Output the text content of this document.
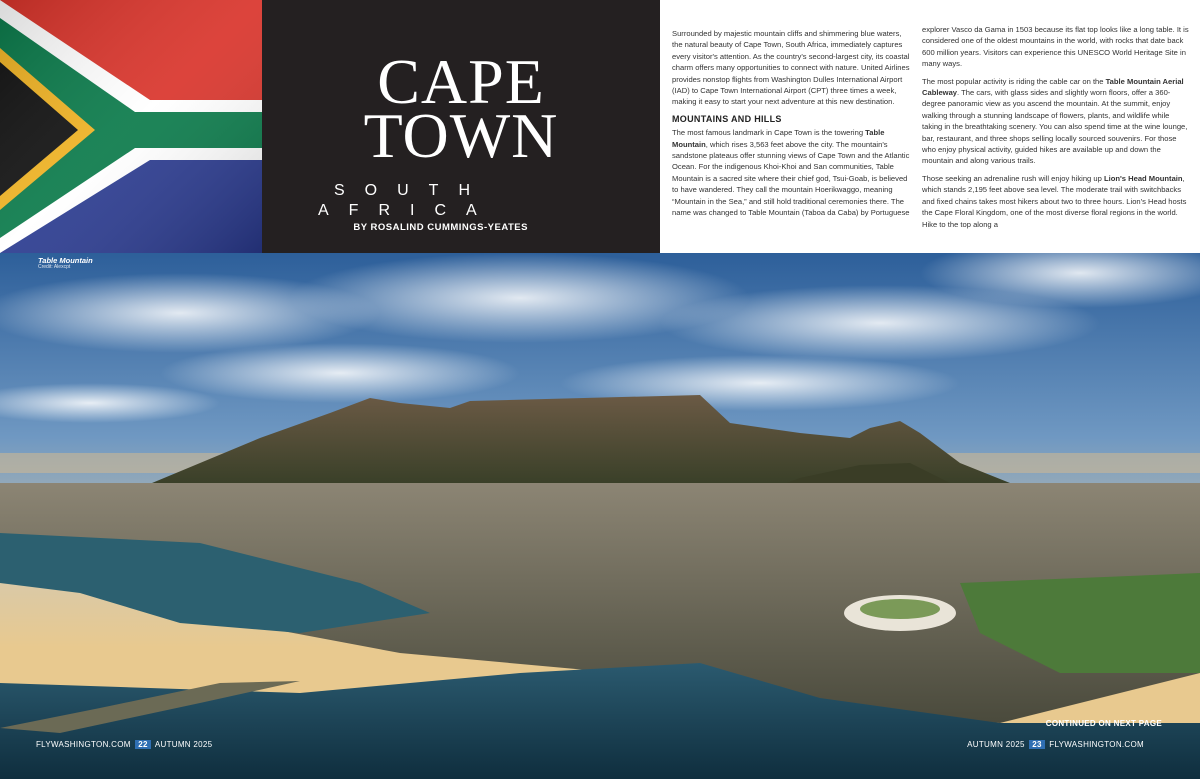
CAPE
TOWN
SOUTH
AFRICA
BY ROSALIND CUMMINGS-YEATES

Surrounded by majestic mountain cliffs and shimmering blue waters, the natural beauty of Cape Town, South Africa, immediately captures every visitor's attention. As the country's second-largest city, its coastal charm offers many opportunities to connect with nature. United Airlines provides nonstop flights from Washington Dulles International Airport (IAD) to Cape Town International Airport (CPT) three times a week, making it easy to start your next adventure at this new destination.

MOUNTAINS AND HILLS

The most famous landmark in Cape Town is the towering Table Mountain, which rises 3,563 feet above the city. The mountain's sandstone plateaus offer stunning views of Cape Town and the Atlantic Ocean. For the indigenous Khoi-Khoi and San communities, Table Mountain is a sacred site where their chief god, Tsui-Goab, is believed to have wandered. They call the mountain Hoerikwaggo, meaning “Mountain in the Sea,” and still hold traditional ceremonies there. The name was changed to Table Mountain (Taboa da Caba) by Portuguese

explorer Vasco da Gama in 1503 because its flat top looks like a long table. It is considered one of the oldest mountains in the world, with rocks that date back 600 million years. Visitors can experience this UNESCO World Heritage Site in many ways.

The most popular activity is riding the cable car on the Table Mountain Aerial Cableway. The cars, with glass sides and slightly worn floors, offer a 360-degree panoramic view as you ascend the mountain. At the summit, enjoy walking through a stunning landscape of flowers, plants, and wildlife while taking in the breathtaking scenery. You can also spend time at the wine lounge, bar, restaurant, and three shops selling locally sourced souvenirs. For those who enjoy physical activity, guided hikes are available up and down the mountain and along various trails.

Those seeking an adrenaline rush will enjoy hiking up Lion's Head Mountain, which stands 2,195 feet above sea level. The moderate trail with switchbacks and fixed chains takes most hikers about two to three hours. Lion's Head hosts the Cape Floral Kingdom, one of the most diverse floral regions in the world. Hike to the top along a

Table Mountain
Credit: Alexcpt
CONTINUED ON NEXT PAGE
FLYWASHINGTON.COM 22 AUTUMN 2025	AUTUMN 2025 23 FLYWASHINGTON.COM
